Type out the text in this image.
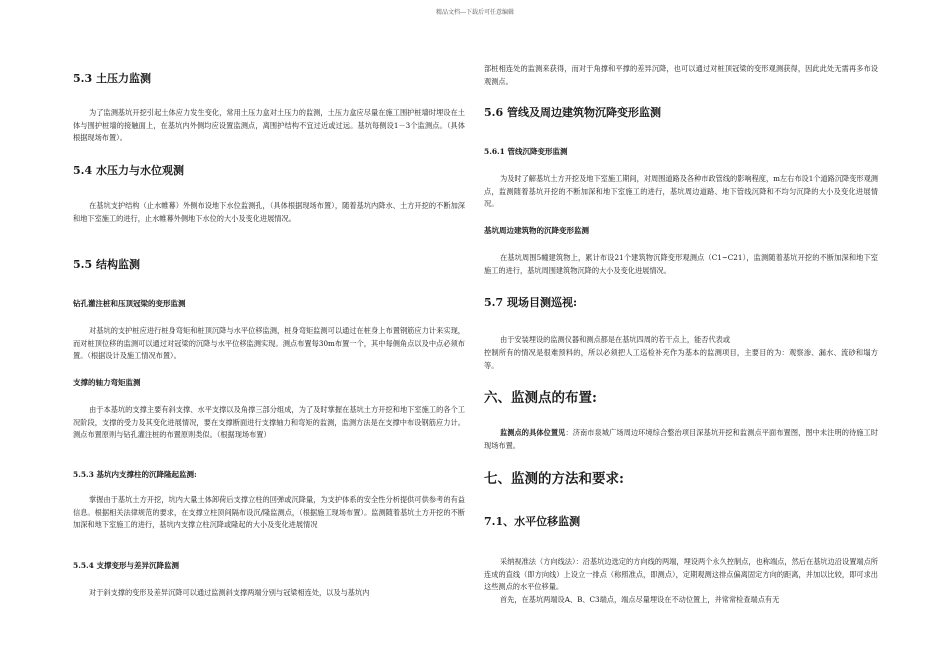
精品文档---下载后可任意编辑
5.3 土压力监测
为了监测基坑开挖引起土体应力发生变化，常用土压力盒对土压力的监测，土压力盒应尽量在施工围护桩墙时埋设在土体与围护桩墙的接触面上，在基坑内外侧均应设置监测点，离围护结构不宜过近或过远。基坑每侧设1－3个监测点。（具体根据现场布置）。
5.4 水压力与水位观测
在基坑支护结构（止水帷幕）外侧布设地下水位监测孔，（具体根据现场布置），随着基坑内降水、土方开挖的不断加深和地下室施工的进行，止水帷幕外侧地下水位的大小及变化进展情况。
5.5 结构监测
钻孔灌注桩和压顶冠梁的变形监测
对基坑的支护桩应进行桩身弯矩和桩顶沉降与水平位移监测，桩身弯矩监测可以通过在桩身上布置钢筋应力计来实现，而对桩顶位移的监测可以通过对冠梁的沉降与水平位移监测实现。测点布置每30m布置一个，其中每侧角点以及中点必须布置。（根据设计及施工情况布置）。
支撑的轴力弯矩监测
由于本基坑的支撑主要有斜支撑、水平支撑以及角撑三部分组成，为了及时掌握在基坑土方开挖和地下室施工的各个工况阶段，支撑的受力及其变化进展情况，要在支撑断面进行支撑轴力和弯矩的监测，监测方法是在支撑中布设钢筋应力计。测点布置原则与钻孔灌注桩的布置原则类似。（根据现场布置）
5.5.3 基坑内支撑柱的沉降隆起监测:
掌握由于基坑土方开挖，坑内大量土体卸荷后支撑立柱的回弹或沉降量，为支护体系的安全性分析提供可供参考的有益信息。根据相关法律规范的要求，在支撑立柱顶间隔布设沉/隆监测点，（根据施工现场布置）。监测随着基坑土方开挖的不断加深和地下室施工的进行，基坑内支撑立柱沉降或隆起的大小及变化进展情况
5.5.4 支撑变形与差异沉降监测
对于斜支撑的变形及差异沉降可以通过监测斜支撑两端分别与冠梁相连处，以及与基坑内
部桩相连处的监测来获得，而对于角撑和平撑的差异沉降，也可以通过对桩顶冠梁的变形观测获得，因此此处无需再多布设观测点。
5.6 管线及周边建筑物沉降变形监测
5.6.1 管线沉降变形监测
为及时了解基坑土方开挖及地下室施工期间，对周围道路及各种市政管线的影响程度，m左右布设1个道路沉降变形观测点，监测随着基坑开挖的不断加深和地下室施工的进行，基坑周边道路、地下管线沉降和不均匀沉降的大小及变化进展情况。
基坑周边建筑物的沉降变形监测
在基坑周围5幢建筑物上，累计布设21个建筑物沉降变形观测点（C1~C21），监测随着基坑开挖的不断加深和地下室施工的进行，基坑周围建筑物沉降的大小及变化进展情况。
5.7 现场目测巡视:
由于安装埋设的监测仪器和测点都是在基坑四周的若干点上，能否代表或
控制所有的情况是很难预料的，所以必须把人工巡检补充作为基本的监测项目，主要目的为：观察渗、漏水、流砂和塌方等。
六、监测点的布置:
监测点的具体位置见：济南市泉城广场周边环境综合整治项目深基坑开挖和监测点平面布置图，图中未注明的待施工时现场布置。
七、监测的方法和要求:
7.1、水平位移监测
采纳视准法（方向线法）：沿基坑边选定的方向线的两端，埋设两个永久控制点，也称端点，然后在基坑边沿设置端点所连成的直线（即方向线）上设立一排点（称照准点，即测点），定期观测这排点偏离固定方向的距离，并加以比较，即可求出这些测点的水平位移量。
首先，在基坑两端设A、B、C3端点，端点尽量埋设在不动位置上，并常常检查端点有无
